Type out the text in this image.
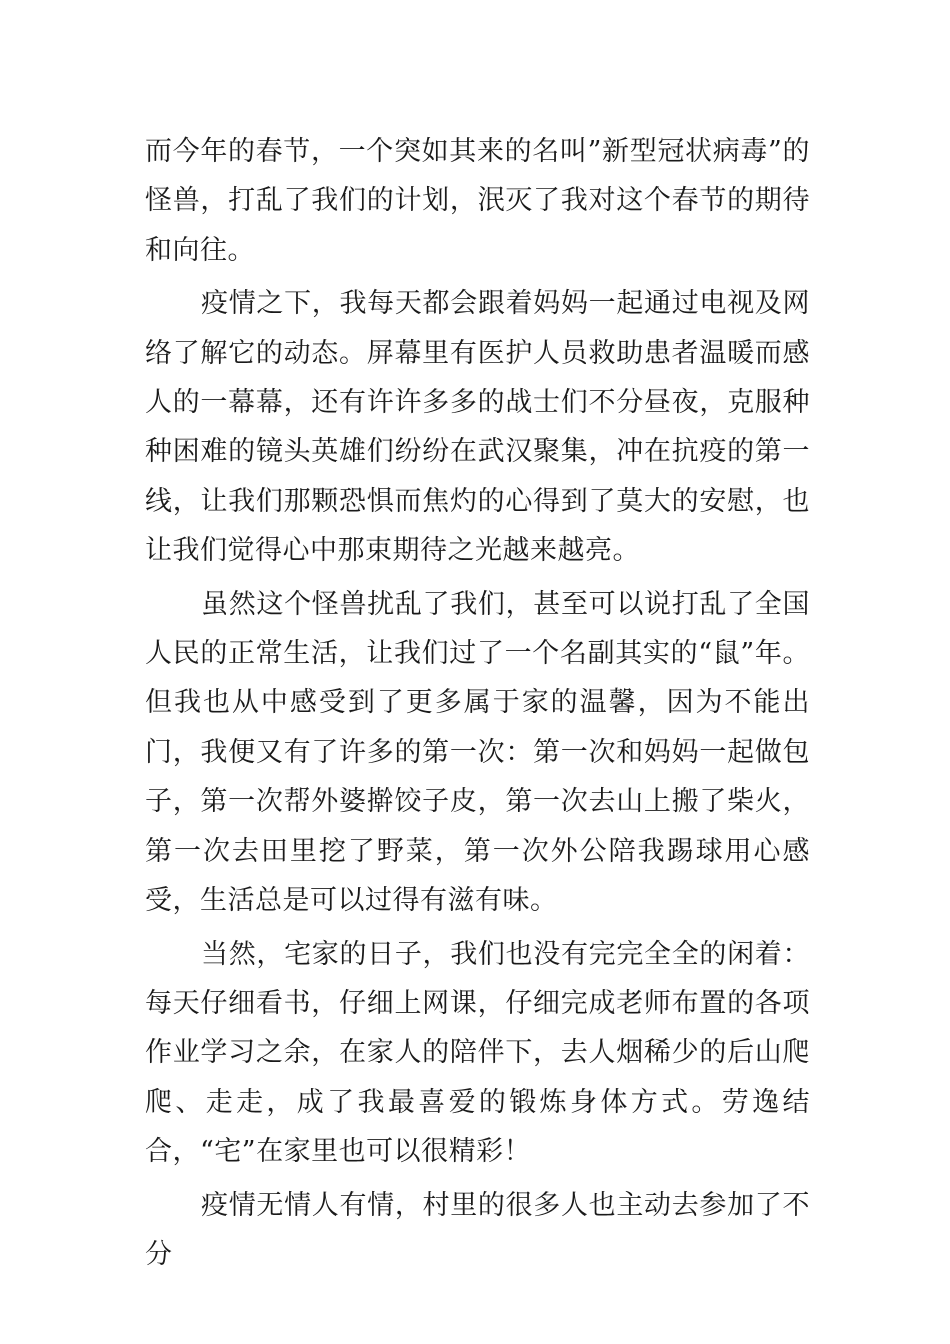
而今年的春节，一个突如其来的名叫”新型冠状病毒”的怪兽，打乱了我们的计划，泯灭了我对这个春节的期待和向往。

疫情之下，我每天都会跟着妈妈一起通过电视及网络了解它的动态。屏幕里有医护人员救助患者温暖而感人的一幕幕，还有许许多多的战士们不分昼夜，克服种种困难的镜头英雄们纷纷在武汉聚集，冲在抗疫的第一线，让我们那颗恐惧而焦灼的心得到了莫大的安慰，也让我们觉得心中那束期待之光越来越亮。

虽然这个怪兽扰乱了我们，甚至可以说打乱了全国人民的正常生活，让我们过了一个名副其实的“鼠”年。但我也从中感受到了更多属于家的温馨，因为不能出门，我便又有了许多的第一次：第一次和妈妈一起做包子，第一次帮外婆擀饺子皮，第一次去山上搬了柴火，第一次去田里挖了野菜，第一次外公陪我踢球用心感受，生活总是可以过得有滋有味。

当然，宅家的日子，我们也没有完完全全的闲着：每天仔细看书，仔细上网课，仔细完成老师布置的各项作业学习之余，在家人的陪伴下，去人烟稀少的后山爬爬、走走，成了我最喜爱的锻炼身体方式。劳逸结合，“宅”在家里也可以很精彩！

疫情无情人有情，村里的很多人也主动去参加了不分
